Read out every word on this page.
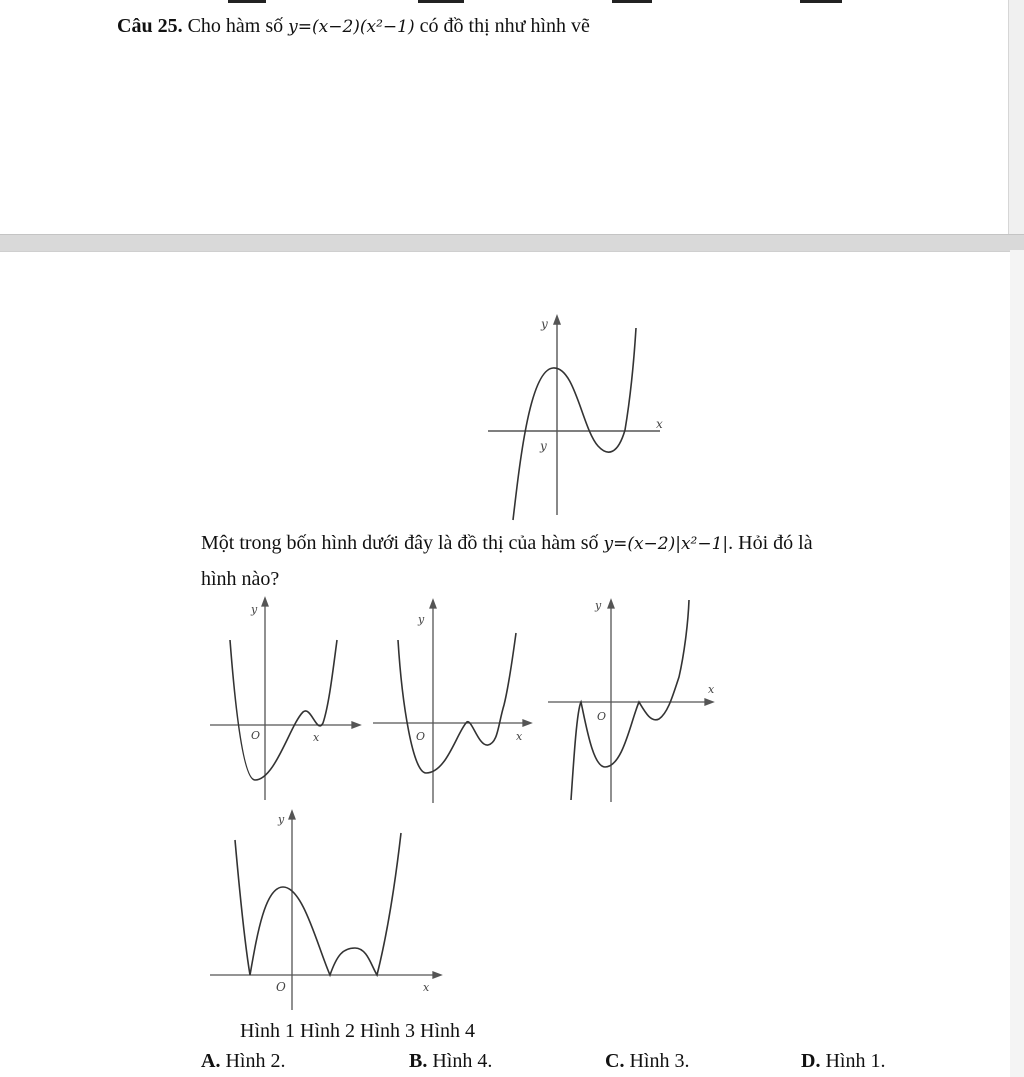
Câu 25. Cho hàm số y=(x−2)(x²−1) có đồ thị như hình vẽ
y
x
y
Một trong bốn hình dưới đây là đồ thị của hàm số y=(x−2)|x²−1|. Hỏi đó là
hình nào?
y
O	x
y
O	x
y
O
x
y
O	x
Hình 1 Hình 2 Hình 3 Hình 4
A. Hình 2.	B. Hình 4.	C. Hình 3.	D. Hình 1.
